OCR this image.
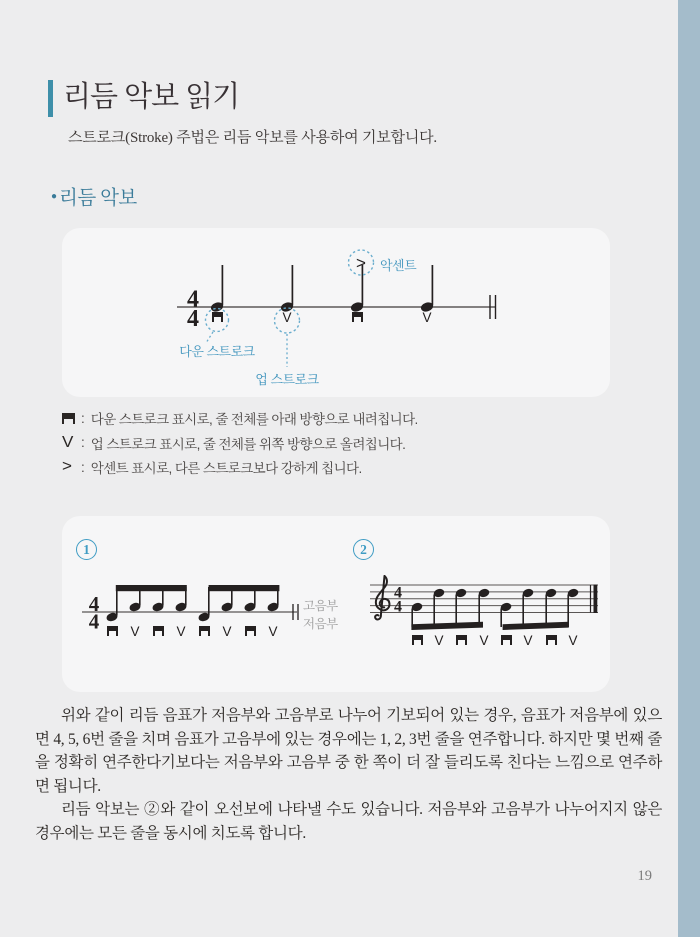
리듬 악보 읽기

스트로크(Stroke) 주법은 리듬 악보를 사용하여 기보합니다.

● 리듬 악보
4
4
>
V	V
악센트
다운 스트로크
업 스트로크
: 다운 스트로크 표시로, 줄 전체를 아래 방향으로 내려칩니다.
V : 업 스트로크 표시로, 줄 전체를 위쪽 방향으로 올려칩니다.
> : 악센트 표시로, 다른 스트로크보다 강하게 칩니다.
1	2
4
4
4
4
V	V	V	V
V	V	V	V
고음부
저음부

위와 같이 리듬 음표가 저음부와 고음부로 나누어 기보되어 있는 경우, 음표가 저음부에 있으면 4, 5, 6번 줄을 치며 음표가 고음부에 있는 경우에는 1, 2, 3번 줄을 연주합니다. 하지만 몇 번째 줄을 정확히 연주한다기보다는 저음부와 고음부 중 한 쪽이 더 잘 들리도록 친다는 느낌으로 연주하면 됩니다.

리듬 악보는 ②와 같이 오선보에 나타낼 수도 있습니다. 저음부와 고음부가 나누어지지 않은 경우에는 모든 줄을 동시에 치도록 합니다.

19
